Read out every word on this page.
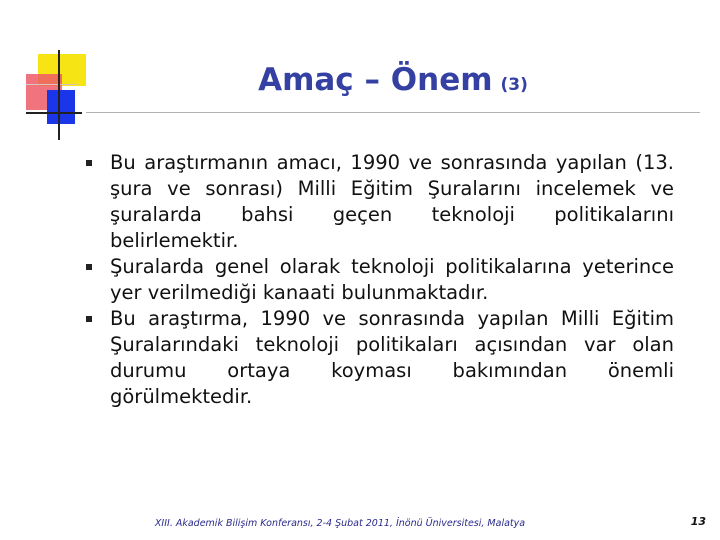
Amaç – Önem (3)
Bu araştırmanın amacı, 1990 ve sonrasında yapılan (13. şura ve sonrası) Milli Eğitim Şuralarını incelemek ve şuralarda bahsi geçen teknoloji politikalarını belirlemektir.
Şuralarda genel olarak teknoloji politikalarına yeterince yer verilmediği kanaati bulunmaktadır.
Bu araştırma, 1990 ve sonrasında yapılan Milli Eğitim Şuralarındaki teknoloji politikaları açısından var olan durumu ortaya koyması bakımından önemli görülmektedir.
XIII. Akademik Bilişim Konferansı, 2-4 Şubat 2011, İnönü Üniversitesi, Malatya	13
